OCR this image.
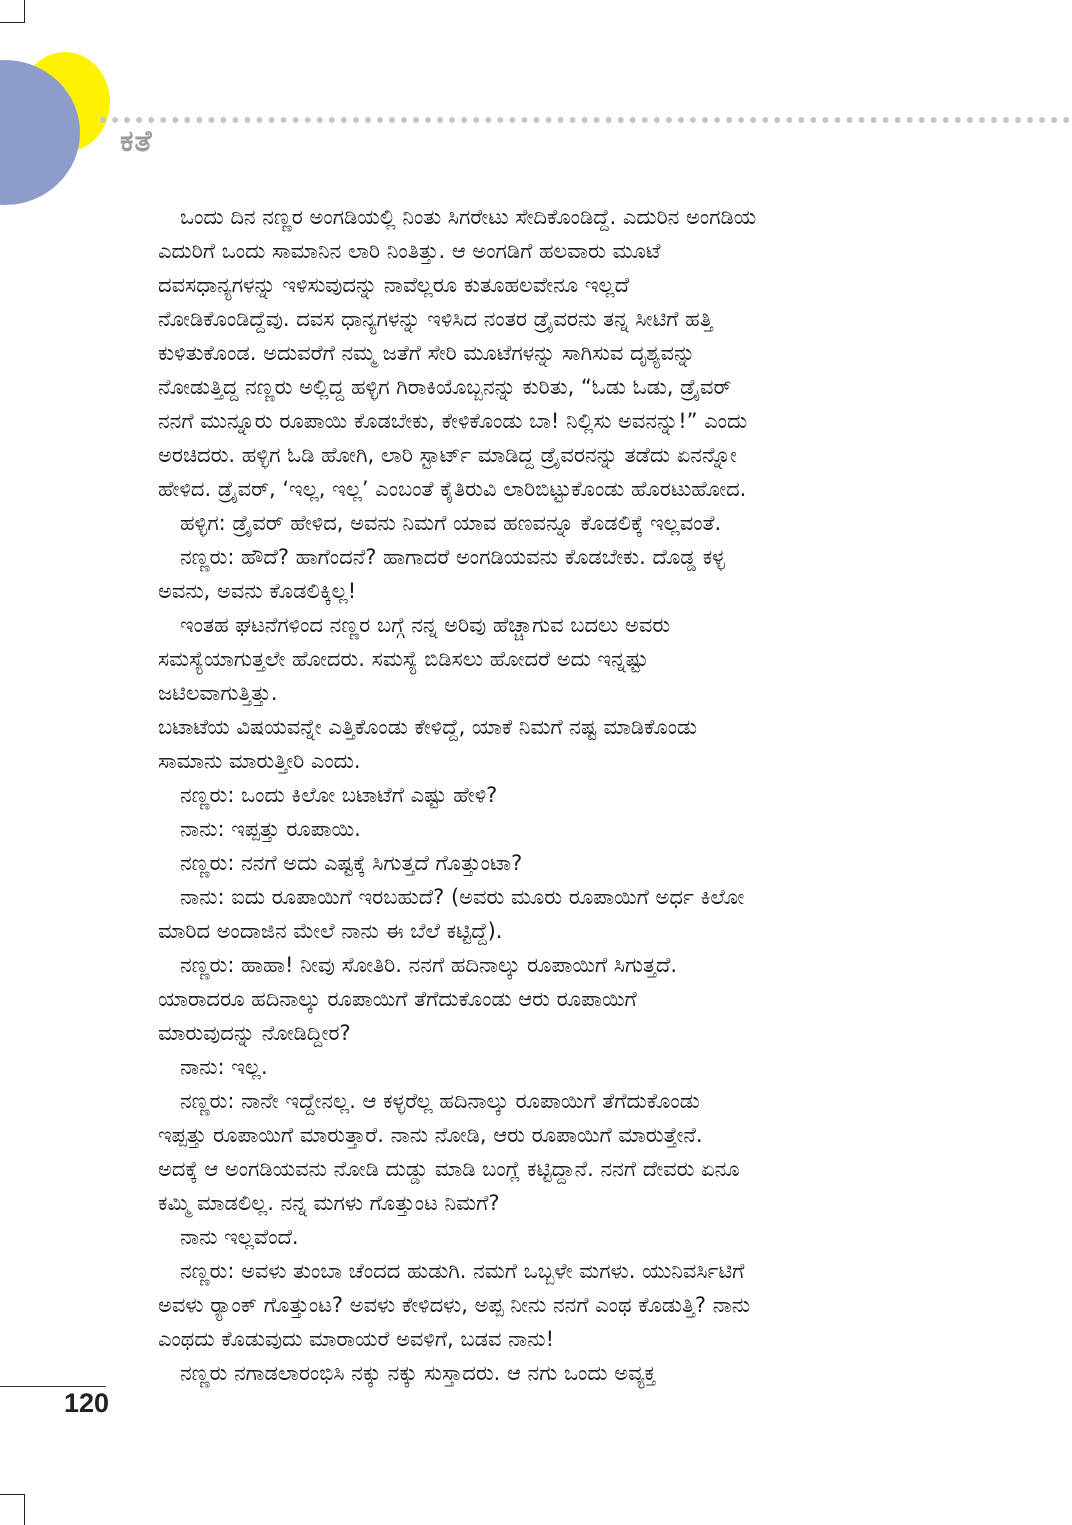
ಕತೆ
ಒಂದು ದಿನ ನಣ್ಣರ ಅಂಗಡಿಯಲ್ಲಿ ನಿಂತು ಸಿಗರೇಟು ಸೇದಿಕೊಂಡಿದ್ದೆ. ಎದುರಿನ ಅಂಗಡಿಯ
ಎದುರಿಗೆ ಒಂದು ಸಾಮಾನಿನ ಲಾರಿ ನಿಂತಿತ್ತು. ಆ ಅಂಗಡಿಗೆ ಹಲವಾರು ಮೂಟೆ
ದವಸಧಾನ್ಯಗಳನ್ನು ಇಳಿಸುವುದನ್ನು ನಾವೆಲ್ಲರೂ ಕುತೂಹಲವೇನೂ ಇಲ್ಲದೆ
ನೋಡಿಕೊಂಡಿದ್ದೆವು. ದವಸ ಧಾನ್ಯಗಳನ್ನು ಇಳಿಸಿದ ನಂತರ ಡ್ರೈವರನು ತನ್ನ ಸೀಟಿಗೆ ಹತ್ತಿ
ಕುಳಿತುಕೊಂಡ. ಅದುವರೆಗೆ ನಮ್ಮ ಜತೆಗೆ ಸೇರಿ ಮೂಟೆಗಳನ್ನು ಸಾಗಿಸುವ ದೃಶ್ಯವನ್ನು
ನೋಡುತ್ತಿದ್ದ ನಣ್ಣರು ಅಲ್ಲಿದ್ದ ಹಳ್ಳಿಗ ಗಿರಾಕಿಯೊಬ್ಬನನ್ನು ಕುರಿತು, “ಓಡು ಓಡು, ಡ್ರೈವರ್
ನನಗೆ ಮುನ್ನೂರು ರೂಪಾಯಿ ಕೊಡಬೇಕು, ಕೇಳಿಕೊಂಡು ಬಾ! ನಿಲ್ಲಿಸು ಅವನನ್ನು!” ಎಂದು
ಅರಚಿದರು. ಹಳ್ಳಿಗ ಓಡಿ ಹೋಗಿ, ಲಾರಿ ಸ್ಟಾರ್ಟ್ ಮಾಡಿದ್ದ ಡ್ರೈವರನನ್ನು ತಡೆದು ಏನನ್ನೋ
ಹೇಳಿದ. ಡ್ರೈವರ್, ‘ಇಲ್ಲ, ಇಲ್ಲ’ ಎಂಬಂತೆ ಕೈತಿರುವಿ ಲಾರಿಬಿಟ್ಟುಕೊಂಡು ಹೊರಟುಹೋದ.
ಹಳ್ಳಿಗ: ಡ್ರೈವರ್ ಹೇಳಿದ, ಅವನು ನಿಮಗೆ ಯಾವ ಹಣವನ್ನೂ ಕೊಡಲಿಕ್ಕೆ ಇಲ್ಲವಂತೆ.
ನಣ್ಣರು: ಹೌದೆ? ಹಾಗೆಂದನೆ? ಹಾಗಾದರೆ ಅಂಗಡಿಯವನು ಕೊಡಬೇಕು. ದೊಡ್ಡ ಕಳ್ಳ
ಅವನು, ಅವನು ಕೊಡಲಿಕ್ಕಿಲ್ಲ!
ಇಂತಹ ಘಟನೆಗಳಿಂದ ನಣ್ಣರ ಬಗ್ಗೆ ನನ್ನ ಅರಿವು ಹೆಚ್ಚಾಗುವ ಬದಲು ಅವರು
ಸಮಸ್ಯೆಯಾಗುತ್ತಲೇ ಹೋದರು. ಸಮಸ್ಯೆ ಬಿಡಿಸಲು ಹೋದರೆ ಅದು ಇನ್ನಷ್ಟು
ಜಟಿಲವಾಗುತ್ತಿತ್ತು.
ಬಟಾಟೆಯ ವಿಷಯವನ್ನೇ ಎತ್ತಿಕೊಂಡು ಕೇಳಿದ್ದೆ, ಯಾಕೆ ನಿಮಗೆ ನಷ್ಟ ಮಾಡಿಕೊಂಡು
ಸಾಮಾನು ಮಾರುತ್ತೀರಿ ಎಂದು.
ನಣ್ಣರು: ಒಂದು ಕಿಲೋ ಬಟಾಟೆಗೆ ಎಷ್ಟು ಹೇಳಿ?
ನಾನು: ಇಪ್ಪತ್ತು ರೂಪಾಯಿ.
ನಣ್ಣರು: ನನಗೆ ಅದು ಎಷ್ಟಕ್ಕೆ ಸಿಗುತ್ತದೆ ಗೊತ್ತುಂಟಾ?
ನಾನು: ಐದು ರೂಪಾಯಿಗೆ ಇರಬಹುದೆ? (ಅವರು ಮೂರು ರೂಪಾಯಿಗೆ ಅರ್ಧ ಕಿಲೋ
ಮಾರಿದ ಅಂದಾಜಿನ ಮೇಲೆ ನಾನು ಈ ಬೆಲೆ ಕಟ್ಟಿದ್ದೆ).
ನಣ್ಣರು: ಹಾಹಾ! ನೀವು ಸೋತಿರಿ. ನನಗೆ ಹದಿನಾಲ್ಕು ರೂಪಾಯಿಗೆ ಸಿಗುತ್ತದೆ.
ಯಾರಾದರೂ ಹದಿನಾಲ್ಕು ರೂಪಾಯಿಗೆ ತೆಗೆದುಕೊಂಡು ಆರು ರೂಪಾಯಿಗೆ
ಮಾರುವುದನ್ನು ನೋಡಿದ್ದೀರ?
ನಾನು: ಇಲ್ಲ.
ನಣ್ಣರು: ನಾನೇ ಇದ್ದೇನಲ್ಲ. ಆ ಕಳ್ಳರೆಲ್ಲ ಹದಿನಾಲ್ಕು ರೂಪಾಯಿಗೆ ತೆಗೆದುಕೊಂಡು
ಇಪ್ಪತ್ತು ರೂಪಾಯಿಗೆ ಮಾರುತ್ತಾರೆ. ನಾನು ನೋಡಿ, ಆರು ರೂಪಾಯಿಗೆ ಮಾರುತ್ತೇನೆ.
ಅದಕ್ಕೆ ಆ ಅಂಗಡಿಯವನು ನೋಡಿ ದುಡ್ಡು ಮಾಡಿ ಬಂಗ್ಲೆ ಕಟ್ಟಿದ್ದಾನೆ. ನನಗೆ ದೇವರು ಏನೂ
ಕಮ್ಮಿ ಮಾಡಲಿಲ್ಲ. ನನ್ನ ಮಗಳು ಗೊತ್ತುಂಟ ನಿಮಗೆ?
ನಾನು ಇಲ್ಲವೆಂದೆ.
ನಣ್ಣರು: ಅವಳು ತುಂಬಾ ಚೆಂದದ ಹುಡುಗಿ. ನಮಗೆ ಒಬ್ಬಳೇ ಮಗಳು. ಯುನಿವರ್ಸಿಟಿಗೆ
ಅವಳು ರ್‍ಯಾಂಕ್ ಗೊತ್ತುಂಟ? ಅವಳು ಕೇಳಿದಳು, ಅಪ್ಪ ನೀನು ನನಗೆ ಎಂಥ ಕೊಡುತ್ತಿ? ನಾನು
ಎಂಥದು ಕೊಡುವುದು ಮಾರಾಯರೆ ಅವಳಿಗೆ, ಬಡವ ನಾನು!
ನಣ್ಣರು ನಗಾಡಲಾರಂಭಿಸಿ ನಕ್ಕು ನಕ್ಕು ಸುಸ್ತಾದರು. ಆ ನಗು ಒಂದು ಅವ್ಯಕ್ತ
120
